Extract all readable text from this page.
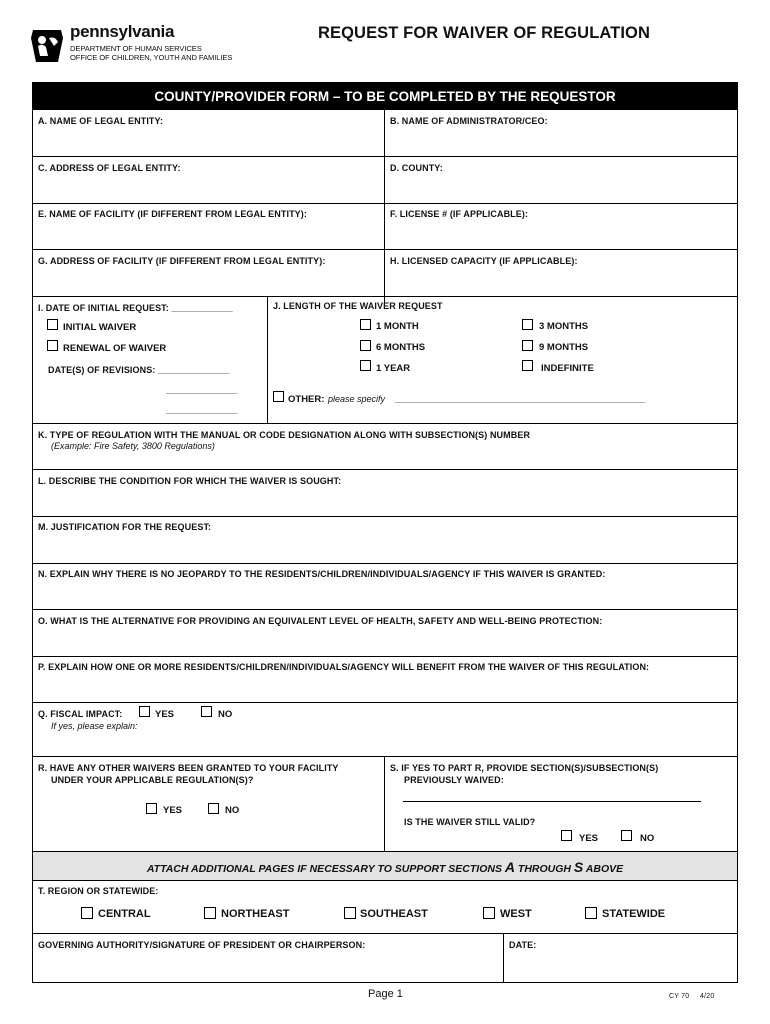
pennsylvania
DEPARTMENT OF HUMAN SERVICES
OFFICE OF CHILDREN, YOUTH AND FAMILIES
REQUEST FOR WAIVER OF REGULATION
COUNTY/PROVIDER FORM – TO BE COMPLETED BY THE REQUESTOR
A. NAME OF LEGAL ENTITY:	B. NAME OF ADMINISTRATOR/CEO:
C. ADDRESS OF LEGAL ENTITY:	D. COUNTY:
E. NAME OF FACILITY (IF DIFFERENT FROM LEGAL ENTITY):	F. LICENSE # (IF APPLICABLE):
G. ADDRESS OF FACILITY (IF DIFFERENT FROM LEGAL ENTITY):	H. LICENSED CAPACITY (IF APPLICABLE):
I. DATE OF INITIAL REQUEST: ____________
INITIAL WAIVER
RENEWAL OF WAIVER
DATE(S) OF REVISIONS: ______________
______________
______________
J. LENGTH OF THE WAIVER REQUEST
1 MONTH	3 MONTHS
6 MONTHS	9 MONTHS
1 YEAR	INDEFINITE
OTHER: please specify _________________________________________________
K. TYPE OF REGULATION WITH THE MANUAL OR CODE DESIGNATION ALONG WITH SUBSECTION(S) NUMBER
(Example: Fire Safety, 3800 Regulations)
L. DESCRIBE THE CONDITION FOR WHICH THE WAIVER IS SOUGHT:
M. JUSTIFICATION FOR THE REQUEST:
N. EXPLAIN WHY THERE IS NO JEOPARDY TO THE RESIDENTS/CHILDREN/INDIVIDUALS/AGENCY IF THIS WAIVER IS GRANTED:
O. WHAT IS THE ALTERNATIVE FOR PROVIDING AN EQUIVALENT LEVEL OF HEALTH, SAFETY AND WELL-BEING PROTECTION:
P. EXPLAIN HOW ONE OR MORE RESIDENTS/CHILDREN/INDIVIDUALS/AGENCY WILL BENEFIT FROM THE WAIVER OF THIS REGULATION:
Q. FISCAL IMPACT:	YES	NO
If yes, please explain:
R. HAVE ANY OTHER WAIVERS BEEN GRANTED TO YOUR FACILITY
UNDER YOUR APPLICABLE REGULATION(S)?
YES	NO
S. IF YES TO PART R, PROVIDE SECTION(S)/SUBSECTION(S)
PREVIOUSLY WAIVED:
IS THE WAIVER STILL VALID?
YES	NO
ATTACH ADDITIONAL PAGES IF NECESSARY TO SUPPORT SECTIONS A THROUGH S ABOVE
T. REGION OR STATEWIDE:
CENTRAL	NORTHEAST	SOUTHEAST	WEST	STATEWIDE
GOVERNING AUTHORITY/SIGNATURE OF PRESIDENT OR CHAIRPERSON:	DATE:
Page 1	CY 70     4/20
